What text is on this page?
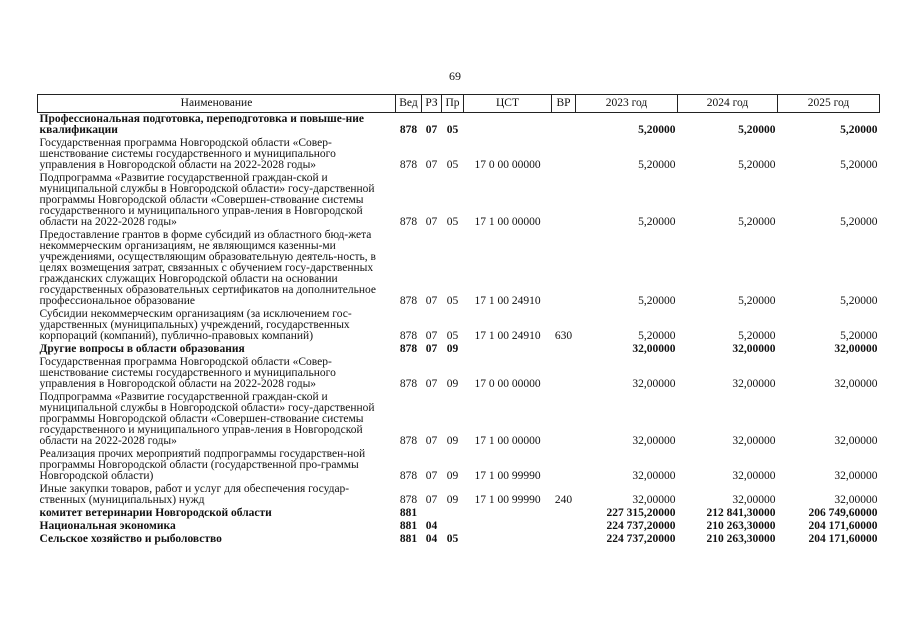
69
Наименование	Вед	РЗ	Пр	ЦСТ	ВР	2023 год	2024 год	2025 год
Профессиональная подготовка, переподготовка и повыше-ние квалификации	878	07	05			5,20000	5,20000	5,20000
Государственная программа Новгородской области «Совер-шенствование системы государственного и муниципального управления в Новгородской области на 2022-2028 годы»	878	07	05	17 0 00 00000		5,20000	5,20000	5,20000
Подпрограмма «Развитие государственной граждан-ской и муниципальной службы в Новгородской области» госу-дарственной программы Новгородской области «Совершен-ствование системы государственного и муниципального управ-ления в Новгородской области на 2022-2028 годы»	878	07	05	17 1 00 00000		5,20000	5,20000	5,20000
Предоставление грантов в форме субсидий из областного бюд-жета некоммерческим организациям, не являющимся казенны-ми учреждениями, осуществляющим образовательную деятель-ность, в целях возмещения затрат, связанных с обучением госу-дарственных гражданских служащих Новгородской области на основании государственных образовательных сертификатов на дополнительное профессиональное образование	878	07	05	17 1 00 24910		5,20000	5,20000	5,20000
Субсидии некоммерческим организациям (за исключением гос-ударственных (муниципальных) учреждений, государственных корпораций (компаний), публично-правовых компаний)	878	07	05	17 1 00 24910	630	5,20000	5,20000	5,20000
Другие вопросы в области образования	878	07	09			32,00000	32,00000	32,00000
Государственная программа Новгородской области «Совер-шенствование системы государственного и муниципального управления в Новгородской области на 2022-2028 годы»	878	07	09	17 0 00 00000		32,00000	32,00000	32,00000
Подпрограмма «Развитие государственной граждан-ской и муниципальной службы в Новгородской области» госу-дарственной программы Новгородской области «Совершен-ствование системы государственного и муниципального управ-ления в Новгородской области на 2022-2028 годы»	878	07	09	17 1 00 00000		32,00000	32,00000	32,00000
Реализация прочих мероприятий подпрограммы государствен-ной программы Новгородской области (государственной про-граммы Новгородской области)	878	07	09	17 1 00 99990		32,00000	32,00000	32,00000
Иные закупки товаров, работ и услуг для обеспечения государ-ственных (муниципальных) нужд	878	07	09	17 1 00 99990	240	32,00000	32,00000	32,00000
комитет ветеринарии Новгородской области	881					227 315,20000	212 841,30000	206 749,60000
Национальная экономика	881	04				224 737,20000	210 263,30000	204 171,60000
Сельское хозяйство и рыболовство	881	04	05			224 737,20000	210 263,30000	204 171,60000
